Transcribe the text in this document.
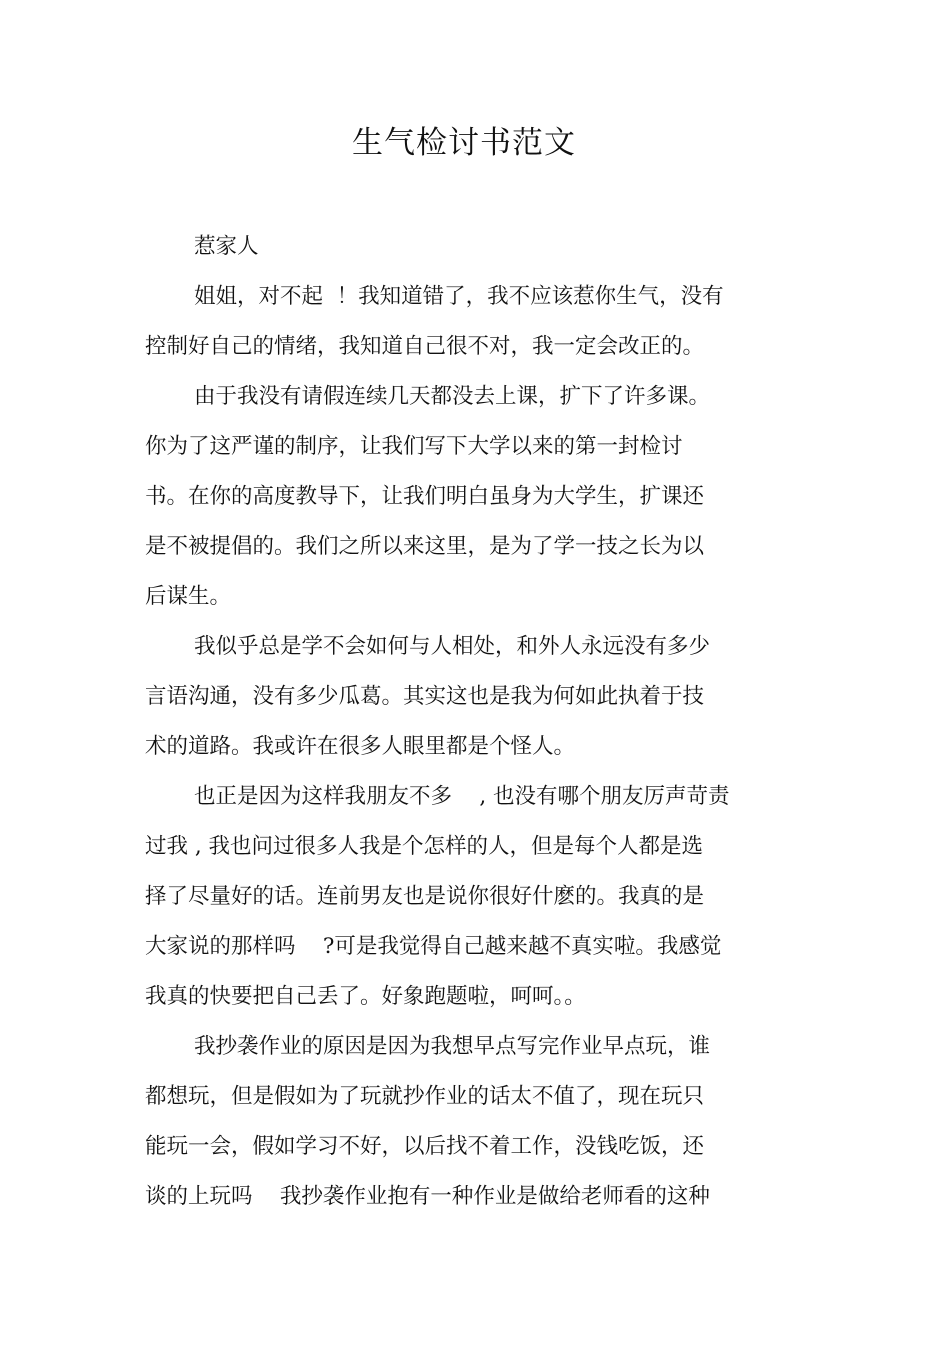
生气检讨书范文
惹家人
姐姐，对不起  ！我知道错了，我不应该惹你生气，没有
控制好自己的情绪，我知道自己很不对，我一定会改正的。
由于我没有请假连续几天都没去上课，扩下了许多课。
你为了这严谨的制序，让我们写下大学以来的第一封检讨
书。在你的高度教导下，让我们明白虽身为大学生，扩课还
是不被提倡的。我们之所以来这里，是为了学一技之长为以
后谋生。
我似乎总是学不会如何与人相处，和外人永远没有多少
言语沟通，没有多少瓜葛。其实这也是我为何如此执着于技
术的道路。我或许在很多人眼里都是个怪人。
也正是因为这样我朋友不多    , 也没有哪个朋友厉声苛责
过我 , 我也问过很多人我是个怎样的人，但是每个人都是选
择了尽量好的话。连前男友也是说你很好什麽的。我真的是
大家说的那样吗    ?可是我觉得自己越来越不真实啦。我感觉
我真的快要把自己丢了。好象跑题啦，呵呵。。
我抄袭作业的原因是因为我想早点写完作业早点玩，谁
都想玩，但是假如为了玩就抄作业的话太不值了，现在玩只
能玩一会，假如学习不好，以后找不着工作，没钱吃饭，还
谈的上玩吗    我抄袭作业抱有一种作业是做给老师看的这种
